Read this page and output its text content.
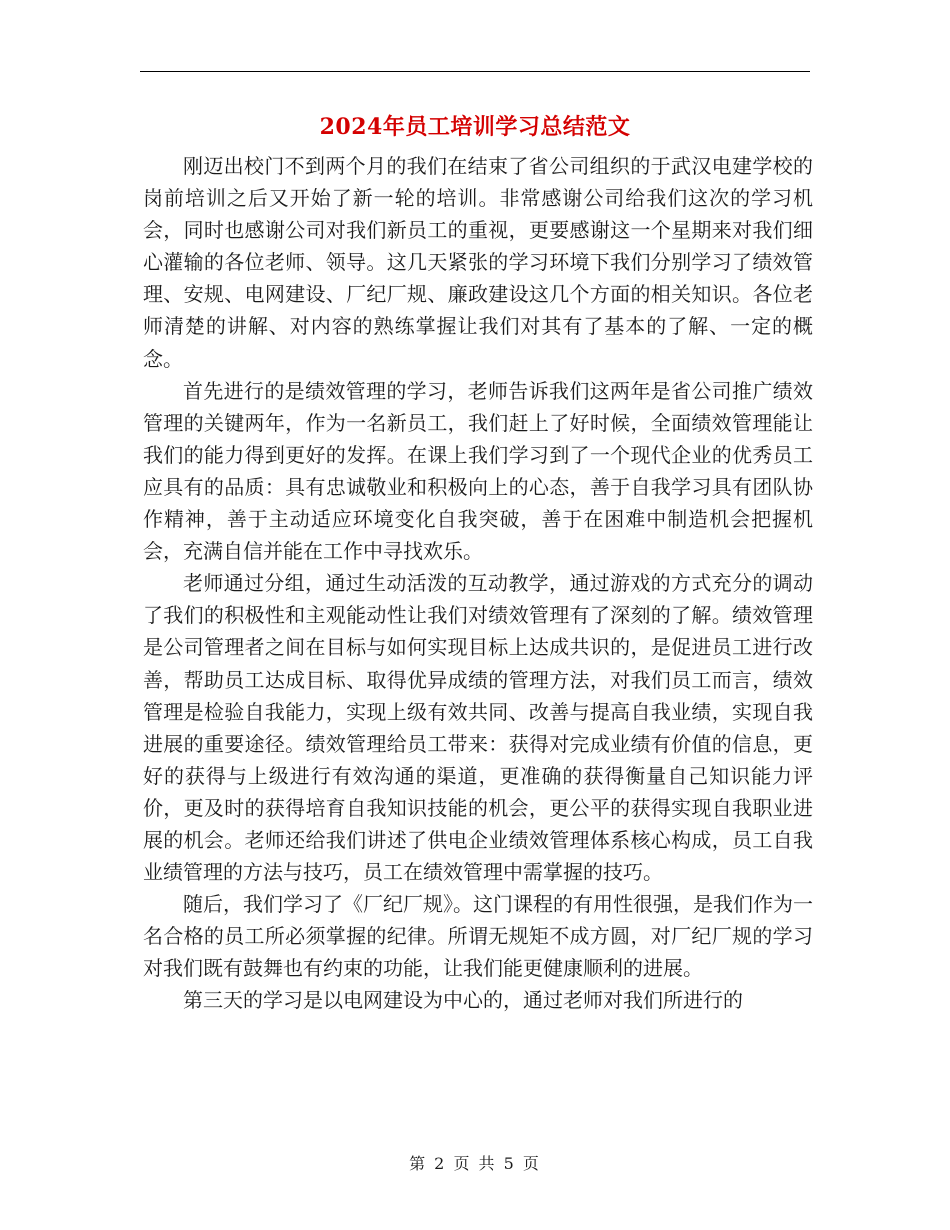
2024年员工培训学习总结范文

刚迈出校门不到两个月的我们在结束了省公司组织的于武汉电建学校的岗前培训之后又开始了新一轮的培训。非常感谢公司给我们这次的学习机会，同时也感谢公司对我们新员工的重视，更要感谢这一个星期来对我们细心灌输的各位老师、领导。这几天紧张的学习环境下我们分别学习了绩效管理、安规、电网建设、厂纪厂规、廉政建设这几个方面的相关知识。各位老师清楚的讲解、对内容的熟练掌握让我们对其有了基本的了解、一定的概念。

首先进行的是绩效管理的学习，老师告诉我们这两年是省公司推广绩效管理的关键两年，作为一名新员工，我们赶上了好时候，全面绩效管理能让我们的能力得到更好的发挥。在课上我们学习到了一个现代企业的优秀员工应具有的品质：具有忠诚敬业和积极向上的心态，善于自我学习具有团队协作精神，善于主动适应环境变化自我突破，善于在困难中制造机会把握机会，充满自信并能在工作中寻找欢乐。

老师通过分组，通过生动活泼的互动教学，通过游戏的方式充分的调动了我们的积极性和主观能动性让我们对绩效管理有了深刻的了解。绩效管理是公司管理者之间在目标与如何实现目标上达成共识的，是促进员工进行改善，帮助员工达成目标、取得优异成绩的管理方法，对我们员工而言，绩效管理是检验自我能力，实现上级有效共同、改善与提高自我业绩，实现自我进展的重要途径。绩效管理给员工带来：获得对完成业绩有价值的信息，更好的获得与上级进行有效沟通的渠道，更准确的获得衡量自己知识能力评价，更及时的获得培育自我知识技能的机会，更公平的获得实现自我职业进展的机会。老师还给我们讲述了供电企业绩效管理体系核心构成，员工自我业绩管理的方法与技巧，员工在绩效管理中需掌握的技巧。

随后，我们学习了《厂纪厂规》。这门课程的有用性很强，是我们作为一名合格的员工所必须掌握的纪律。所谓无规矩不成方圆，对厂纪厂规的学习对我们既有鼓舞也有约束的功能，让我们能更健康顺利的进展。

第三天的学习是以电网建设为中心的，通过老师对我们所进行的

第 2 页 共 5 页
